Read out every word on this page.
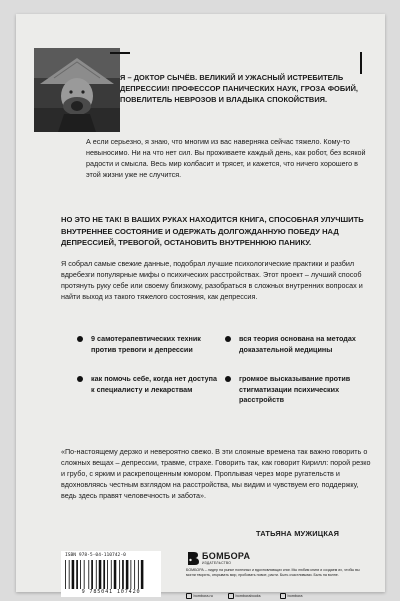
Я – ДОКТОР СЫЧЁВ. ВЕЛИКИЙ И УЖАСНЫЙ ИСТРЕБИТЕЛЬ ДЕПРЕССИИ! ПРОФЕССОР ПАНИЧЕСКИХ НАУК, ГРОЗА ФОБИЙ, ПОВЕЛИТЕЛЬ НЕВРОЗОВ И ВЛАДЫКА СПОКОЙСТВИЯ.
А если серьезно, я знаю, что многим из вас наверняка сейчас тяжело. Кому-то невыносимо. Ни на что нет сил. Вы проживаете каждый день, как робот, без всякой радости и смысла. Весь мир колбасит и трясет, и кажется, что ничего хорошего в этой жизни уже не случится.
НО ЭТО НЕ ТАК! В ВАШИХ РУКАХ НАХОДИТСЯ КНИГА, СПОСОБНАЯ УЛУЧШИТЬ ВНУТРЕННЕЕ СОСТОЯНИЕ И ОДЕРЖАТЬ ДОЛГОЖДАННУЮ ПОБЕДУ НАД ДЕПРЕССИЕЙ, ТРЕВОГОЙ, ОСТАНОВИТЬ ВНУТРЕННЮЮ ПАНИКУ.
Я собрал самые свежие данные, подобрал лучшие психологические практики и разбил вдребезги популярные мифы о психических расстройствах. Этот проект – лучший способ протянуть руку себе или своему близкому, разобраться в сложных внутренних вопросах и найти выход из такого тяжелого состояния, как депрессия.
9 самотерапевтических техник против тревоги и депрессии
вся теория основана на методах доказательной медицины
как помочь себе, когда нет доступа к специалисту и лекарствам
громкое высказывание против стигматизации психических расстройств
«По-настоящему дерзко и невероятно свежо. В эти сложные времена так важно говорить о сложных вещах – депрессии, травме, страхе. Говорить так, как говорит Кирилл: порой резко и грубо, с ярким и раскрепощенным юмором. Проплывая через море ругательств и вдохновляясь честным взглядом на расстройства, мы видим и чувствуем его поддержку, ведь здесь правят человечность и забота».
ТАТЬЯНА МУЖИЦКАЯ
ISBN 978-5-04-110742-0
9 785041 107420
БОМБОРА
ИЗДАТЕЛЬСТВО
БОМБОРА – лидер на рынке полезных и вдохновляющих книг. Мы любим книги и создаем их, чтобы вы могли творить, открывать мир, пробовать новое, расти. Быть счастливыми. Быть на волне.
bombora.ru	bomborabooks	bombora
